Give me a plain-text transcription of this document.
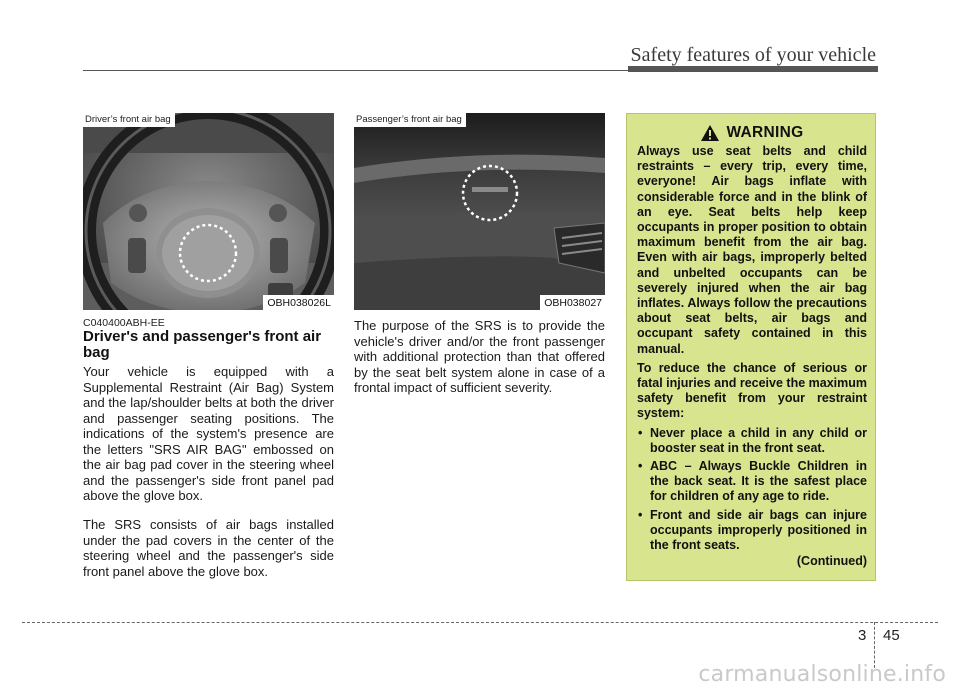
Safety features of your vehicle
Driver’s front air bag
OBH038026L
Passenger’s front air bag
OBH038027
C040400ABH-EE
Driver's and passenger's front air bag

Your vehicle is equipped with a Supplemental Restraint (Air Bag) System and the lap/shoulder belts at both the driver and passenger seating positions. The indications of the system's presence are the letters "SRS AIR BAG" embossed on the air bag pad cover in the steering wheel and the passenger's side front panel pad above the glove box.

The SRS consists of air bags installed under the pad covers in the center of the steering wheel and the passenger's side front panel above the glove box.

The purpose of the SRS is to provide the vehicle's driver and/or the front passenger with additional protection than that offered by the seat belt system alone in case of a frontal impact of sufficient severity.

WARNING

Always use seat belts and child restraints – every trip, every time, everyone! Air bags inflate with considerable force and in the blink of an eye. Seat belts help keep occupants in proper position to obtain maximum benefit from the air bag. Even with air bags, improperly belted and unbelted occupants can be severely injured when the air bag inflates. Always follow the precautions about seat belts, air bags and occupant safety contained in this manual.

To reduce the chance of serious or fatal injuries and receive the maximum safety benefit from your restraint system:

• Never place a child in any child or booster seat in the front seat.
• ABC – Always Buckle Children in the back seat. It is the safest place for children of any age to ride.
• Front and side air bags can injure occupants improperly positioned in the front seats.
(Continued)
3 45
carmanualsonline.info
